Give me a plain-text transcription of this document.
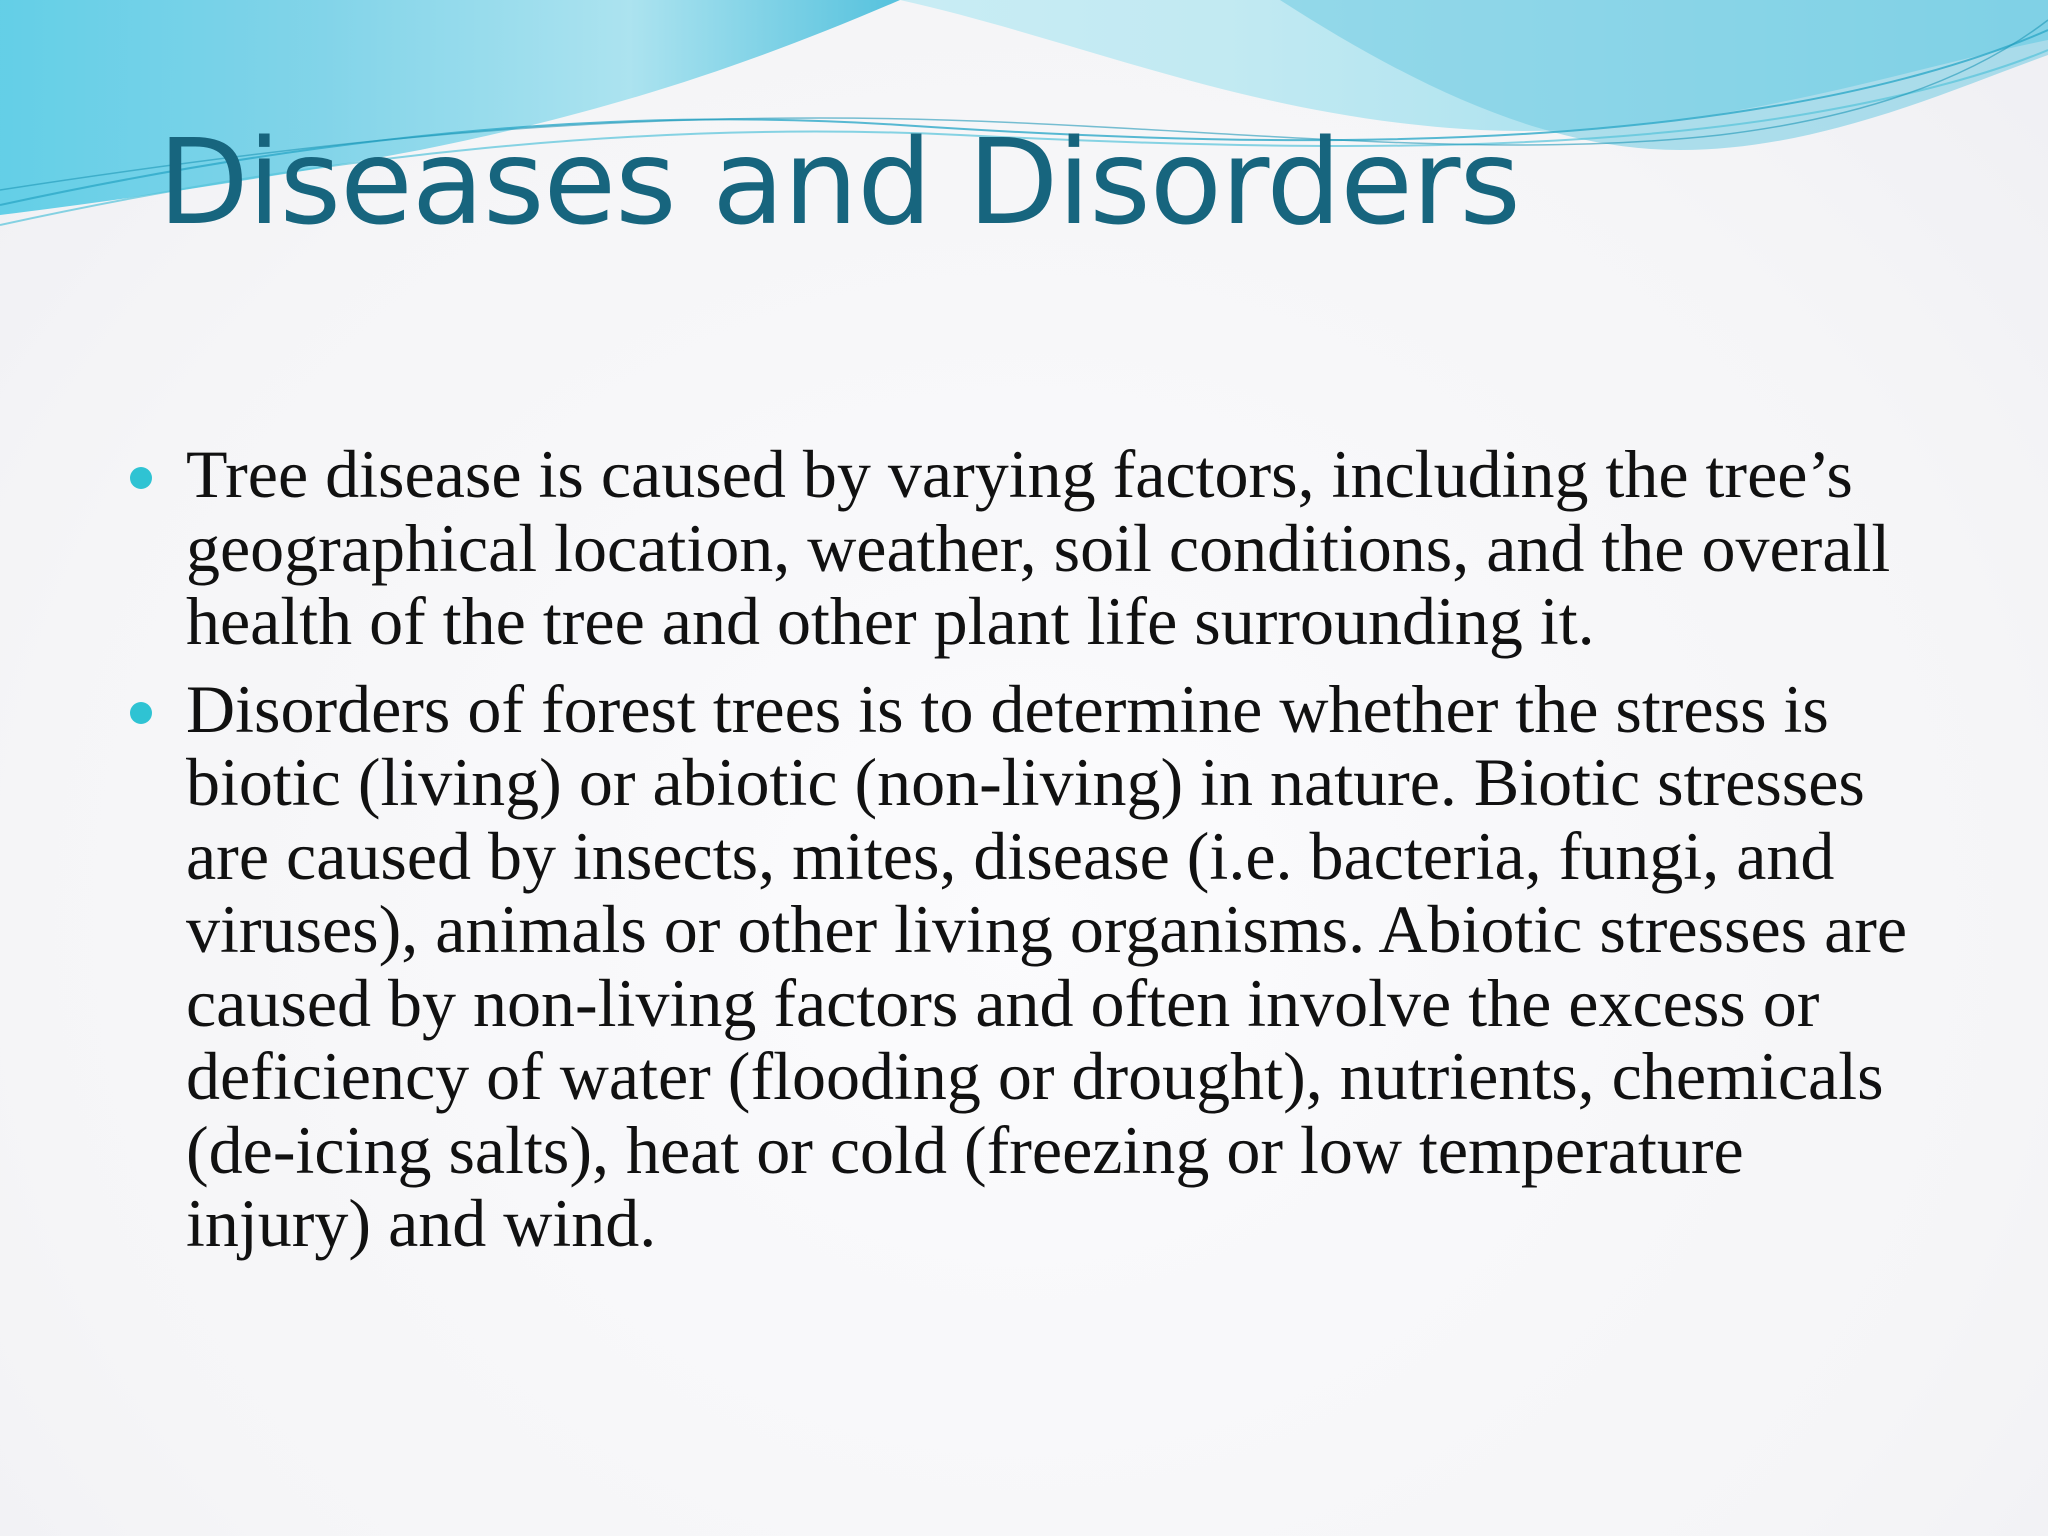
Diseases and Disorders
Tree disease is caused by varying factors, including the tree’s geographical location, weather, soil conditions, and the overall health of the tree and other plant life surrounding it.
Disorders of forest trees is to determine whether the stress is biotic (living) or abiotic (non-living) in nature. Biotic stresses are caused by insects, mites, disease (i.e. bacteria, fungi, and viruses), animals or other living organisms. Abiotic stresses are caused by non-living factors and often involve the excess or deficiency of water (flooding or drought), nutrients, chemicals (de-icing salts), heat or cold (freezing or low temperature injury) and wind.
